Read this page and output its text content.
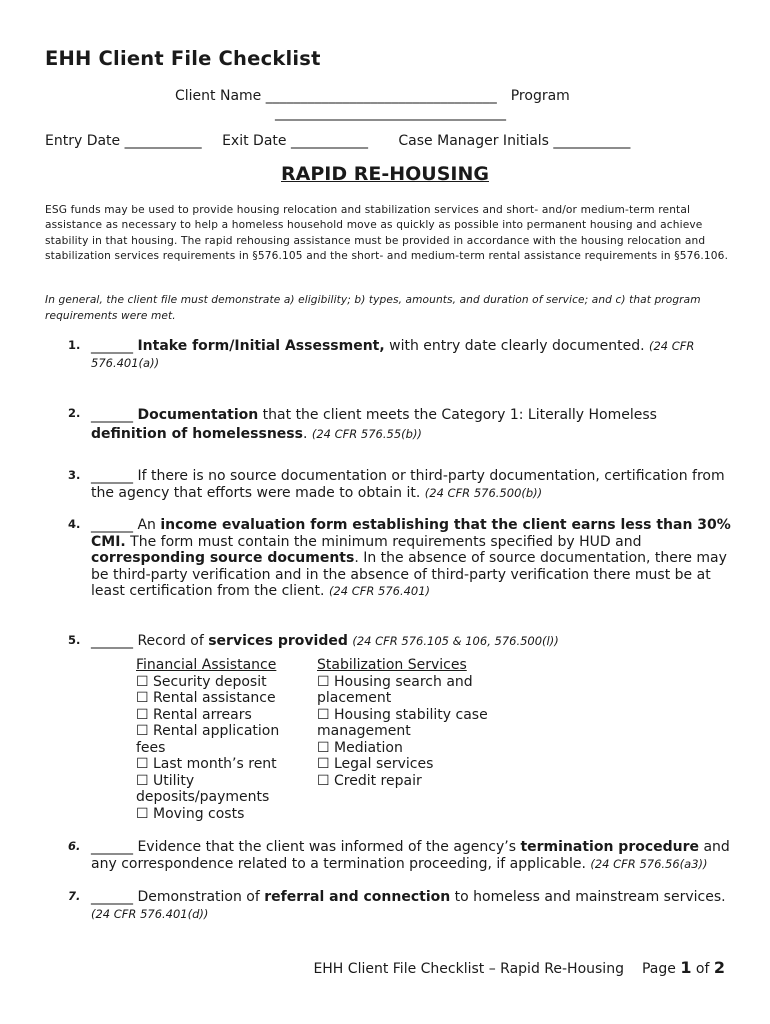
EHH Client File Checklist
Client Name _________________________________ Program
_________________________________
Entry Date ___________ Exit Date ___________ Case Manager Initials ___________
RAPID RE-HOUSING

ESG funds may be used to provide housing relocation and stabilization services and short- and/or medium-term rental assistance as necessary to help a homeless household move as quickly as possible into permanent housing and achieve stability in that housing. The rapid rehousing assistance must be provided in accordance with the housing relocation and stabilization services requirements in §576.105 and the short- and medium-term rental assistance requirements in §576.106.

In general, the client file must demonstrate a) eligibility; b) types, amounts, and duration of service; and c) that program requirements were met.

1. ______ Intake form/Initial Assessment, with entry date clearly documented. (24 CFR 576.401(a))
2. ______ Documentation that the client meets the Category 1: Literally Homeless definition of homelessness. (24 CFR 576.55(b))
3. ______ If there is no source documentation or third-party documentation, certification from the agency that efforts were made to obtain it. (24 CFR 576.500(b))
4. ______ An income evaluation form establishing that the client earns less than 30% CMI. The form must contain the minimum requirements specified by HUD and corresponding source documents. In the absence of source documentation, there may be third-party verification and in the absence of third-party verification there must be at least certification from the client. (24 CFR 576.401)
5. ______ Record of services provided (24 CFR 576.105 & 106, 576.500(l))
Financial Assistance
☐ Security deposit
☐ Rental assistance
☐ Rental arrears
☐ Rental application fees
☐ Last month’s rent
☐ Utility deposits/payments
☐ Moving costs
Stabilization Services
☐ Housing search and placement
☐ Housing stability case management
☐ Mediation
☐ Legal services
☐ Credit repair
6. ______ Evidence that the client was informed of the agency’s termination procedure and any correspondence related to a termination proceeding, if applicable. (24 CFR 576.56(a3))
7. ______ Demonstration of referral and connection to homeless and mainstream services.
(24 CFR 576.401(d))
EHH Client File Checklist – Rapid Re-Housing Page 1 of 2
